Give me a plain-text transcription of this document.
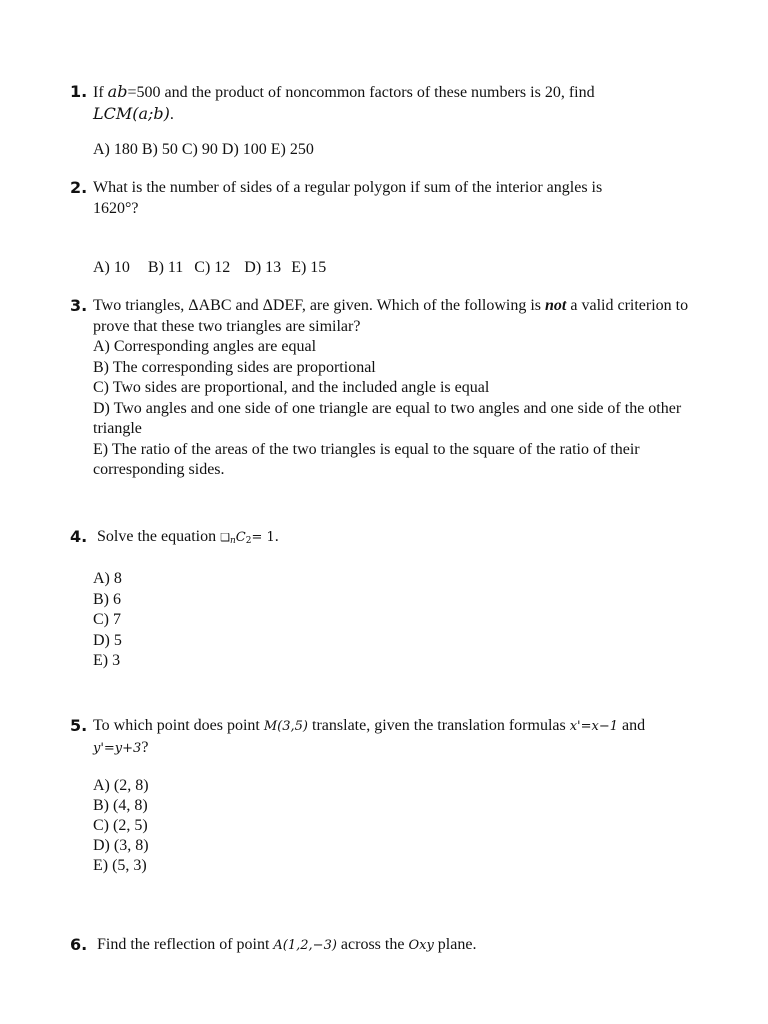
1. If ab=500 and the product of noncommon factors of these numbers is 20, find
LCM(a;b).
A) 180 B) 50 C) 90 D) 100 E) 250
2. What is the number of sides of a regular polygon if sum of the interior angles is
1620°?
A) 10 B) 11 C) 12 D) 13 E) 15
3. Two triangles, ΔABC and ΔDEF, are given. Which of the following is not a valid criterion to prove that these two triangles are similar?
A) Corresponding angles are equal
B) The corresponding sides are proportional
C) Two sides are proportional, and the included angle is equal
D) Two angles and one side of one triangle are equal to two angles and one side of the other triangle
E) The ratio of the areas of the two triangles is equal to the square of the ratio of their corresponding sides.
4. Solve the equation $❑_nC_2= 1$.
A) 8
B) 6
C) 7
D) 5
E) 3
5. To which point does point M(3,5) translate, given the translation formulas x'=x−1 and
y'=y+3?
A) (2, 8)
B) (4, 8)
C) (2, 5)
D) (3, 8)
E) (5, 3)
6. Find the reflection of point A(1,2,−3) across the Oxy plane.
